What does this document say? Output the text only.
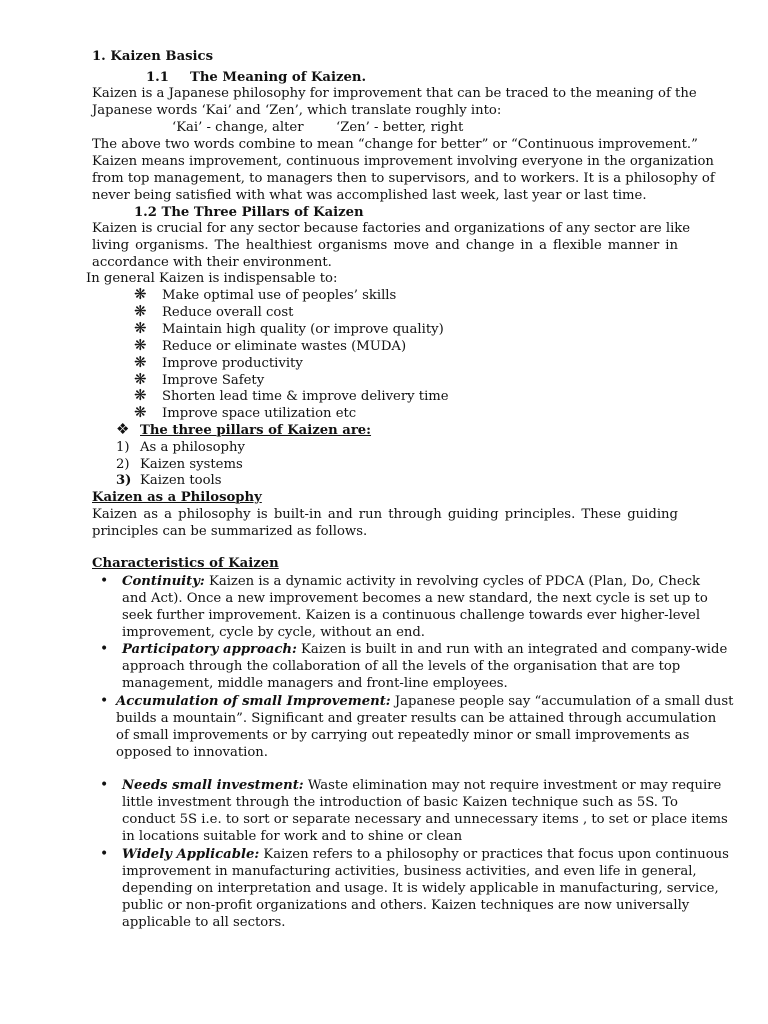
1. Kaizen Basics
1.1 The Meaning of Kaizen.
Kaizen is a Japanese philosophy for improvement that can be traced to the meaning of the
Japanese words ‘Kai’ and ‘Zen’, which translate roughly into:
‘Kai’ - change, alter ‘Zen’ - better, right
The above two words combine to mean “change for better” or “Continuous improvement.”
Kaizen means improvement, continuous improvement involving everyone in the organization
from top management, to managers then to supervisors, and to workers. It is a philosophy of
never being satisfied with what was accomplished last week, last year or last time.
1.2 The Three Pillars of Kaizen
Kaizen is crucial for any sector because factories and organizations of any sector are like
living organisms. The healthiest organisms move and change in a flexible manner in
accordance with their environment.
In general Kaizen is indispensable to:
❋ Make optimal use of peoples’ skills
❋ Reduce overall cost
❋ Maintain high quality (or improve quality)
❋ Reduce or eliminate wastes (MUDA)
❋ Improve productivity
❋ Improve Safety
❋ Shorten lead time & improve delivery time
❋ Improve space utilization etc
❖ The three pillars of Kaizen are:
1) As a philosophy
2) Kaizen systems
3) Kaizen tools
Kaizen as a Philosophy
Kaizen as a philosophy is built-in and run through guiding principles. These guiding
principles can be summarized as follows.
Characteristics of Kaizen
• Continuity: Kaizen is a dynamic activity in revolving cycles of PDCA (Plan, Do, Check
and Act). Once a new improvement becomes a new standard, the next cycle is set up to
seek further improvement. Kaizen is a continuous challenge towards ever higher-level
improvement, cycle by cycle, without an end.
• Participatory approach: Kaizen is built in and run with an integrated and company-wide
approach through the collaboration of all the levels of the organisation that are top
management, middle managers and front-line employees.
• Accumulation of small Improvement: Japanese people say “accumulation of a small dust
builds a mountain”. Significant and greater results can be attained through accumulation
of small improvements or by carrying out repeatedly minor or small improvements as
opposed to innovation.
• Needs small investment: Waste elimination may not require investment or may require
little investment through the introduction of basic Kaizen technique such as 5S. To
conduct 5S i.e. to sort or separate necessary and unnecessary items , to set or place items
in locations suitable for work and to shine or clean
• Widely Applicable: Kaizen refers to a philosophy or practices that focus upon continuous
improvement in manufacturing activities, business activities, and even life in general,
depending on interpretation and usage. It is widely applicable in manufacturing, service,
public or non-profit organizations and others. Kaizen techniques are now universally
applicable to all sectors.
